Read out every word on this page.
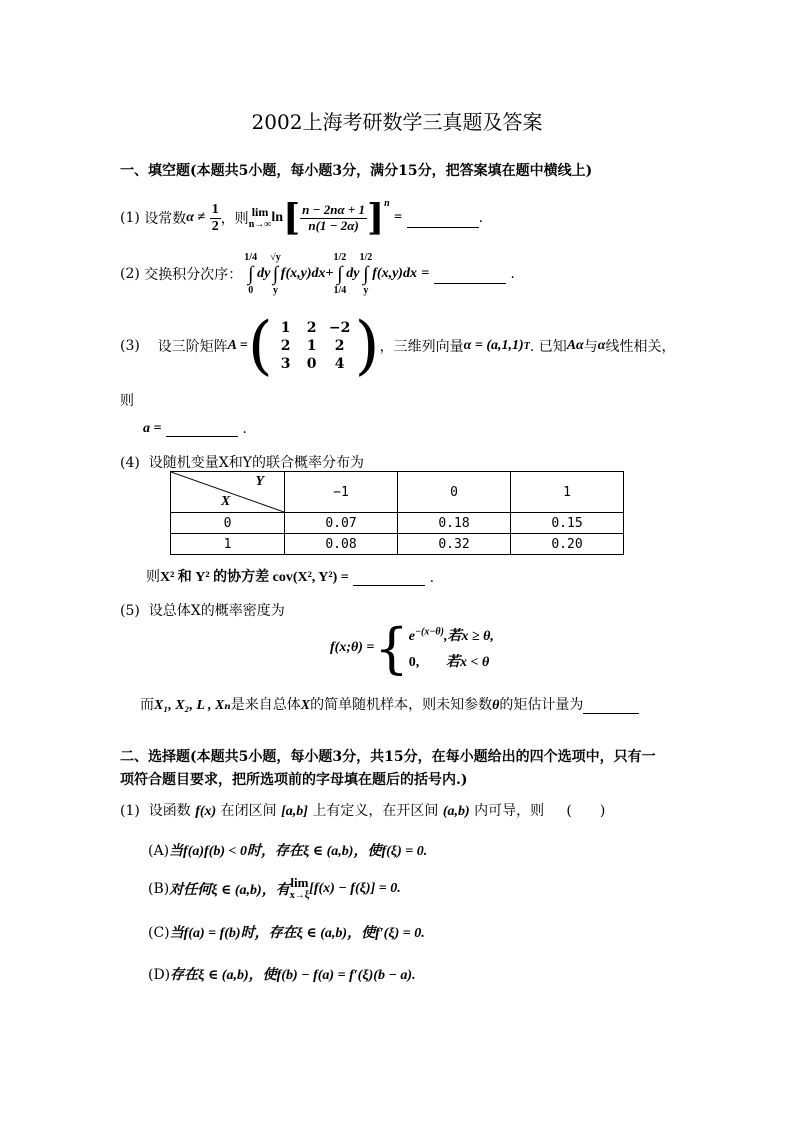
2002上海考研数学三真题及答案
一、填空题(本题共5小题，每小题3分，满分15分，把答案填在题中横线上)
(1)
设常数 α ≠
$\frac{1}{2}$ ，则 lim
n→∞ ln [ $\frac{n - 2n\alpha + 1}{n(1 - 2\alpha)} ]^n$

=
	.
(2)
交换积分次序：
1/4
∫
0
dy
√y
∫
y
f(x,y)dx +
1/2
∫
1/4
dy
1/2
∫
y
f(x,y)dx
=

	.
(3)
设三阶矩阵 A = ( 1	2 −2
2	1	2
3	0	4 ) ，三维列向量 α = (a,1,1) T . 已知 Aα 与 α 线性相关，
则
a =

	.
(4) 设随机变量X和Y的联合概率分布为
Y
X	−1	0	1
0	0.07	0.18	0.15
1	0.08	0.32	0.20
则 X² 和 Y² 的协方差 cov(X², Y²) =

	.
(5) 设总体X的概率密度为
f(x;θ) = { $e^{-(x-\theta)}$,若x ≥ θ,
0, 若x < θ
而 X₁, X₂, L , Xₙ 是来自总体 X 的简单随机样本，则未知参数 θ 的矩估计量为
二、选择题(本题共5小题，每小题3分，共15分，在每小题给出的四个选项中，只有一
项符合题目要求，把所选项前的字母填在题后的括号内.)
(1) 设函数 f(x) 在闭区间 [a,b] 上有定义，在开区间 (a,b) 内可导，则 (　　)
(A)当f(a)f(b) < 0时，存在ξ ∈ (a,b)，使f(ξ) = 0.
(B) 对任何ξ ∈ (a,b)，有
lim
x→ξ
[f(x) − f(ξ)] = 0.
(C)当f(a) = f(b)时，存在ξ ∈ (a,b)，使f′(ξ) = 0.
(D)存在ξ ∈ (a,b)，使f(b) − f(a) = f′(ξ)(b − a).
